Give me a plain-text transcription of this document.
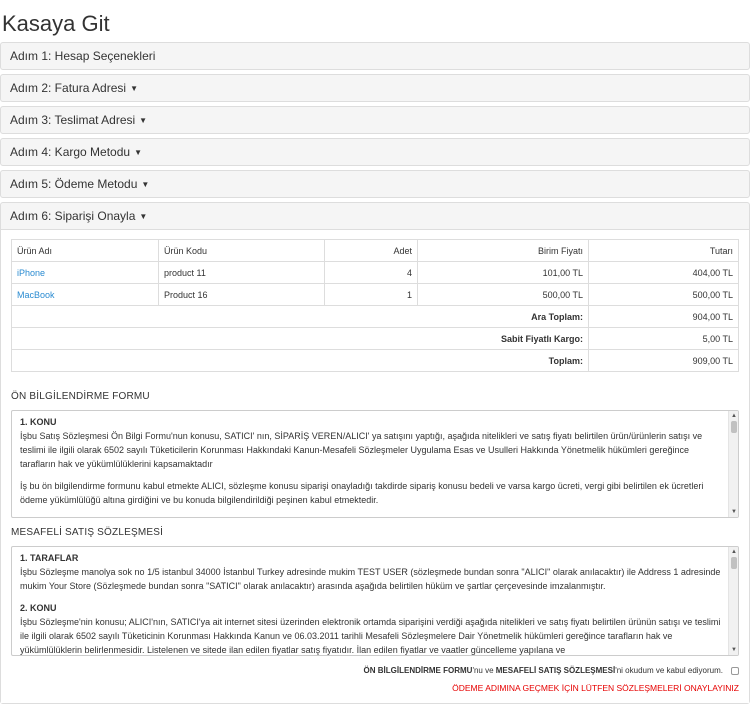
Kasaya Git
Adım 1: Hesap Seçenekleri
Adım 2: Fatura Adresi ▼
Adım 3: Teslimat Adresi ▼
Adım 4: Kargo Metodu ▼
Adım 5: Ödeme Metodu ▼
Adım 6: Siparişi Onayla ▼
Ürün Adı	Ürün Kodu	Adet	Birim Fiyatı	Tutarı
iPhone	product 11	4	101,00 TL	404,00 TL
MacBook	Product 16	1	500,00 TL	500,00 TL
Ara Toplam:				904,00 TL
Sabit Fiyatlı Kargo:				5,00 TL
Toplam:				909,00 TL
ÖN BİLGİLENDİRME FORMU
1. KONU

İşbu Satış Sözleşmesi Ön Bilgi Formu'nun konusu, SATICI' nın, SİPARİŞ VEREN/ALICI' ya satışını yaptığı, aşağıda nitelikleri ve satış fiyatı belirtilen ürün/ürünlerin satışı ve teslimi ile ilgili olarak 6502 sayılı Tüketicilerin Korunması Hakkındaki Kanun-Mesafeli Sözleşmeler Uygulama Esas ve Usulleri Hakkında Yönetmelik hükümleri gereğince tarafların hak ve yükümlülüklerini kapsamaktadır

İş bu ön bilgilendirme formunu kabul etmekte ALICI, sözleşme konusu siparişi onayladığı takdirde sipariş konusu bedeli ve varsa kargo ücreti, vergi gibi belirtilen ek ücretleri ödeme yükümlülüğü altına girdiğini ve bu konuda bilgilendirildiği peşinen kabul etmektedir.

▲
▼
MESAFELİ SATIŞ SÖZLEŞMESİ
1. TARAFLAR

İşbu Sözleşme manolya sok no 1/5 istanbul 34000 İstanbul Turkey adresinde mukim TEST USER (sözleşmede bundan sonra "ALICI" olarak anılacaktır) ile Address 1 adresinde mukim Your Store (Sözleşmede bundan sonra "SATICI" olarak anılacaktır) arasında aşağıda belirtilen hüküm ve şartlar çerçevesinde imzalanmıştır.

2. KONU

İşbu Sözleşme'nin konusu; ALICI'nın, SATICI'ya ait internet sitesi üzerinden elektronik ortamda siparişini verdiği aşağıda nitelikleri ve satış fiyatı belirtilen ürünün satışı ve teslimi ile ilgili olarak 6502 sayılı Tüketicinin Korunması Hakkında Kanun ve 06.03.2011 tarihli Mesafeli Sözleşmelere Dair Yönetmelik hükümleri gereğince tarafların hak ve yükümlülüklerin belirlenmesidir. Listelenen ve sitede ilan edilen fiyatlar satış fiyatıdır. İlan edilen fiyatlar ve vaatler güncelleme yapılana ve

▲
▼
ÖN BİLGİLENDİRME FORMU'nu ve MESAFELİ SATIŞ SÖZLEŞMESİ'ni okudum ve kabul ediyorum.
ÖDEME ADIMINA GEÇMEK İÇİN LÜTFEN SÖZLEŞMELERİ ONAYLAYINIZ
